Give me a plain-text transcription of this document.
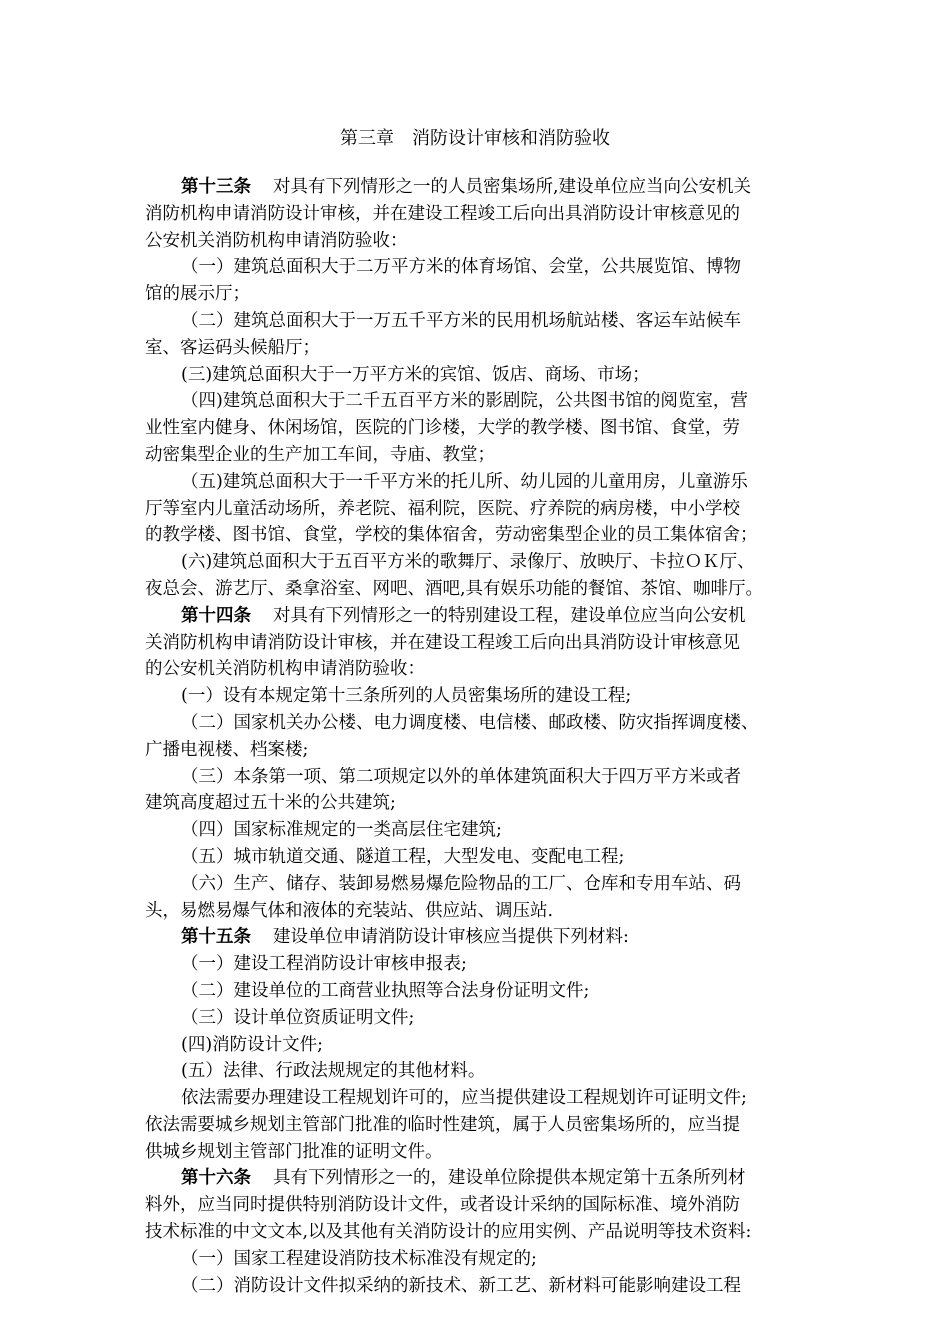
第三章　消防设计审核和消防验收
第十三条 对具有下列情形之一的人员密集场所,建设单位应当向公安机关
消防机构申请消防设计审核，并在建设工程竣工后向出具消防设计审核意见的
公安机关消防机构申请消防验收：
（一）建筑总面积大于二万平方米的体育场馆、会堂，公共展览馆、博物
馆的展示厅；
（二）建筑总面积大于一万五千平方米的民用机场航站楼、客运车站候车
室、客运码头候船厅；
(三)建筑总面积大于一万平方米的宾馆、饭店、商场、市场；
（四)建筑总面积大于二千五百平方米的影剧院，公共图书馆的阅览室，营
业性室内健身、休闲场馆，医院的门诊楼，大学的教学楼、图书馆、食堂，劳
动密集型企业的生产加工车间，寺庙、教堂；
（五)建筑总面积大于一千平方米的托儿所、幼儿园的儿童用房，儿童游乐
厅等室内儿童活动场所，养老院、福利院，医院、疗养院的病房楼，中小学校
的教学楼、图书馆、食堂，学校的集体宿舍，劳动密集型企业的员工集体宿舍；
(六)建筑总面积大于五百平方米的歌舞厅、录像厅、放映厅、卡拉ＯＫ厅、
夜总会、游艺厅、桑拿浴室、网吧、酒吧,具有娱乐功能的餐馆、茶馆、咖啡厅。
第十四条 对具有下列情形之一的特别建设工程，建设单位应当向公安机
关消防机构申请消防设计审核，并在建设工程竣工后向出具消防设计审核意见
的公安机关消防机构申请消防验收：
(一）设有本规定第十三条所列的人员密集场所的建设工程;
（二）国家机关办公楼、电力调度楼、电信楼、邮政楼、防灾指挥调度楼、
广播电视楼、档案楼;
（三）本条第一项、第二项规定以外的单体建筑面积大于四万平方米或者
建筑高度超过五十米的公共建筑;
（四）国家标准规定的一类高层住宅建筑;
（五）城市轨道交通、隧道工程，大型发电、变配电工程;
（六）生产、储存、装卸易燃易爆危险物品的工厂、仓库和专用车站、码
头，易燃易爆气体和液体的充装站、供应站、调压站.
第十五条 建设单位申请消防设计审核应当提供下列材料:
（一）建设工程消防设计审核申报表;
（二）建设单位的工商营业执照等合法身份证明文件;
（三）设计单位资质证明文件;
(四)消防设计文件;
(五）法律、行政法规规定的其他材料。
依法需要办理建设工程规划许可的，应当提供建设工程规划许可证明文件;
依法需要城乡规划主管部门批准的临时性建筑，属于人员密集场所的，应当提
供城乡规划主管部门批准的证明文件。
第十六条 具有下列情形之一的，建设单位除提供本规定第十五条所列材
料外，应当同时提供特别消防设计文件，或者设计采纳的国际标准、境外消防
技术标准的中文文本,以及其他有关消防设计的应用实例、产品说明等技术资料:
（一）国家工程建设消防技术标准没有规定的;
（二）消防设计文件拟采纳的新技术、新工艺、新材料可能影响建设工程
